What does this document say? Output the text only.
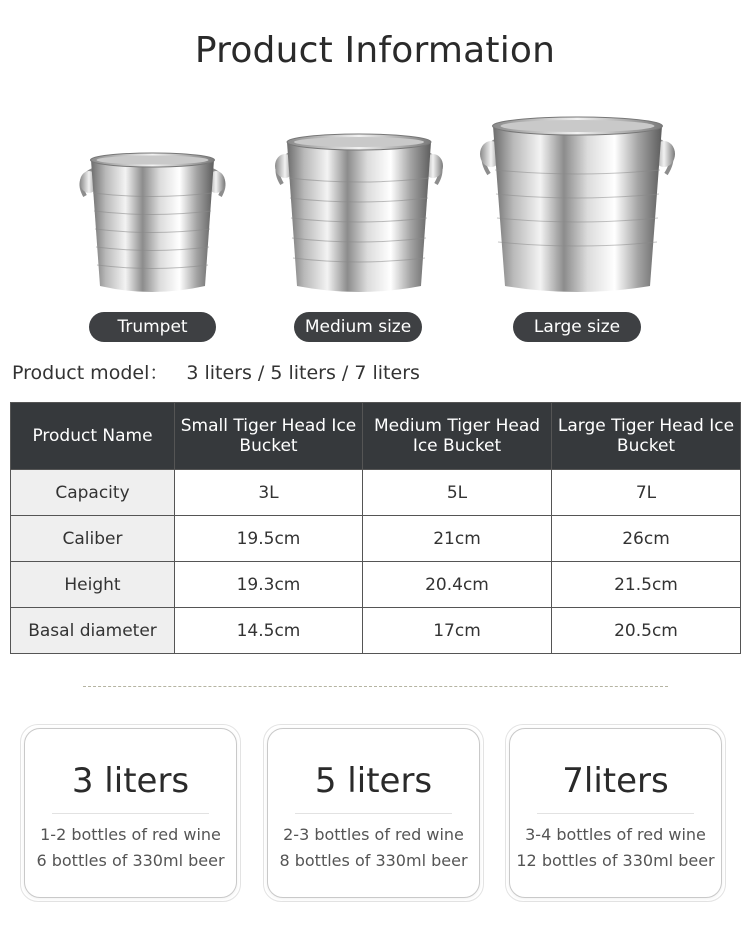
Product Information
Trumpet	Medium size	Large size
Product model： 3 liters / 5 liters / 7 liters
Product Name	Small Tiger Head Ice Bucket	Medium Tiger Head Ice Bucket	Large Tiger Head Ice Bucket
Capacity	3L	5L	7L
Caliber	19.5cm	21cm	26cm
Height	19.3cm	20.4cm	21.5cm
Basal diameter	14.5cm	17cm	20.5cm
3 liters
1-2 bottles of red wine
6 bottles of 330ml beer
5 liters
2-3 bottles of red wine
8 bottles of 330ml beer
7liters
3-4 bottles of red wine
12 bottles of 330ml beer
